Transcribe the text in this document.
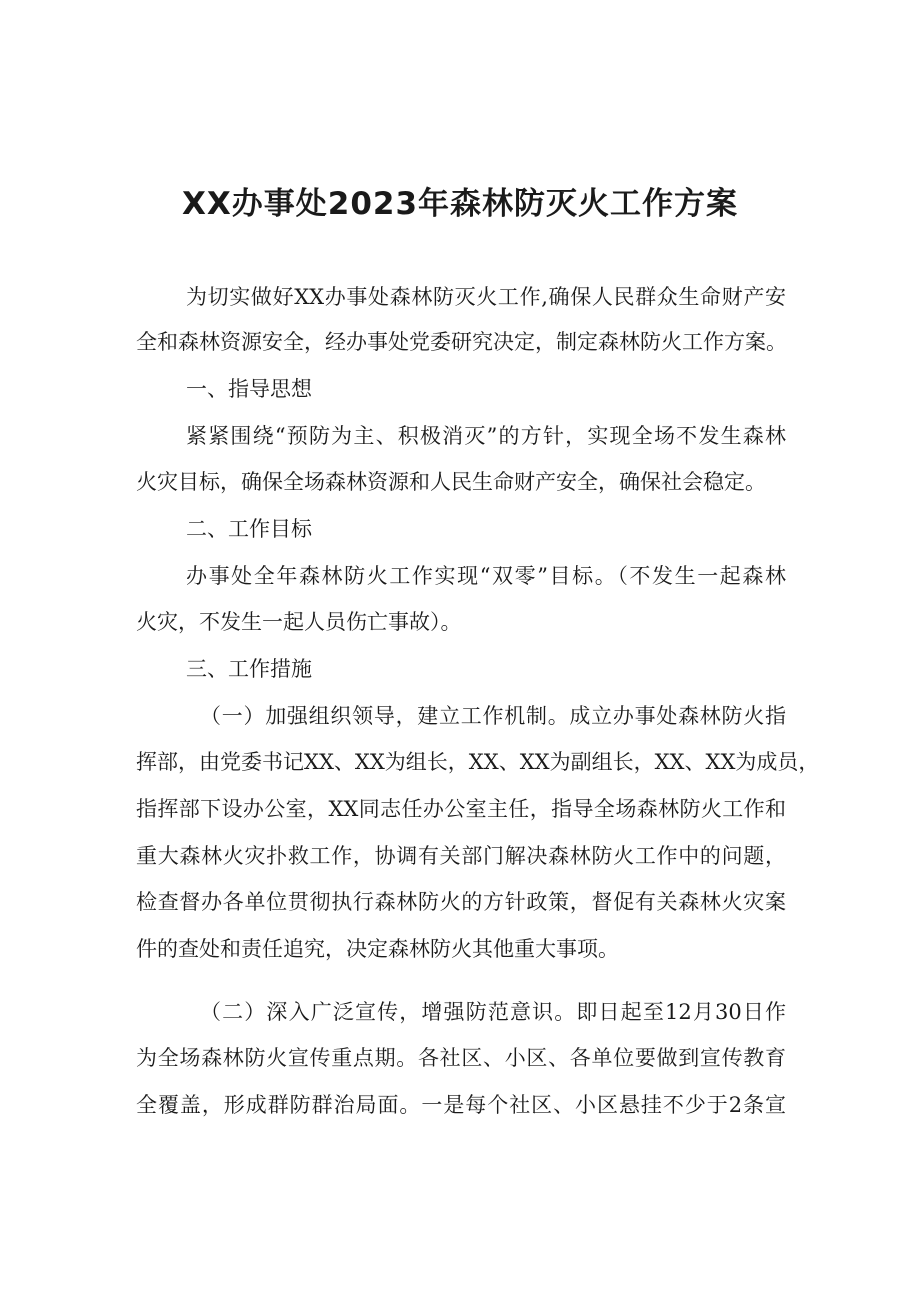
XX办事处2023年森林防灭火工作方案
为切实做好XX办事处森林防灭火工作,确保人民群众生命财产安
全和森林资源安全，经办事处党委研究决定，制定森林防火工作方案。
一、指导思想
紧紧围绕“预防为主、积极消灭”的方针，实现全场不发生森林
火灾目标，确保全场森林资源和人民生命财产安全，确保社会稳定。
二、工作目标
办事处全年森林防火工作实现“双零”目标。（不发生一起森林
火灾，不发生一起人员伤亡事故）。
三、工作措施
（一）加强组织领导，建立工作机制。成立办事处森林防火指
挥部，由党委书记XX、XX为组长，XX、XX为副组长，XX、XX为成员，
指挥部下设办公室，XX同志任办公室主任，指导全场森林防火工作和
重大森林火灾扑救工作，协调有关部门解决森林防火工作中的问题，
检查督办各单位贯彻执行森林防火的方针政策，督促有关森林火灾案
件的查处和责任追究，决定森林防火其他重大事项。
（二）深入广泛宣传，增强防范意识。即日起至12月30日作
为全场森林防火宣传重点期。各社区、小区、各单位要做到宣传教育
全覆盖，形成群防群治局面。一是每个社区、小区悬挂不少于2条宣
